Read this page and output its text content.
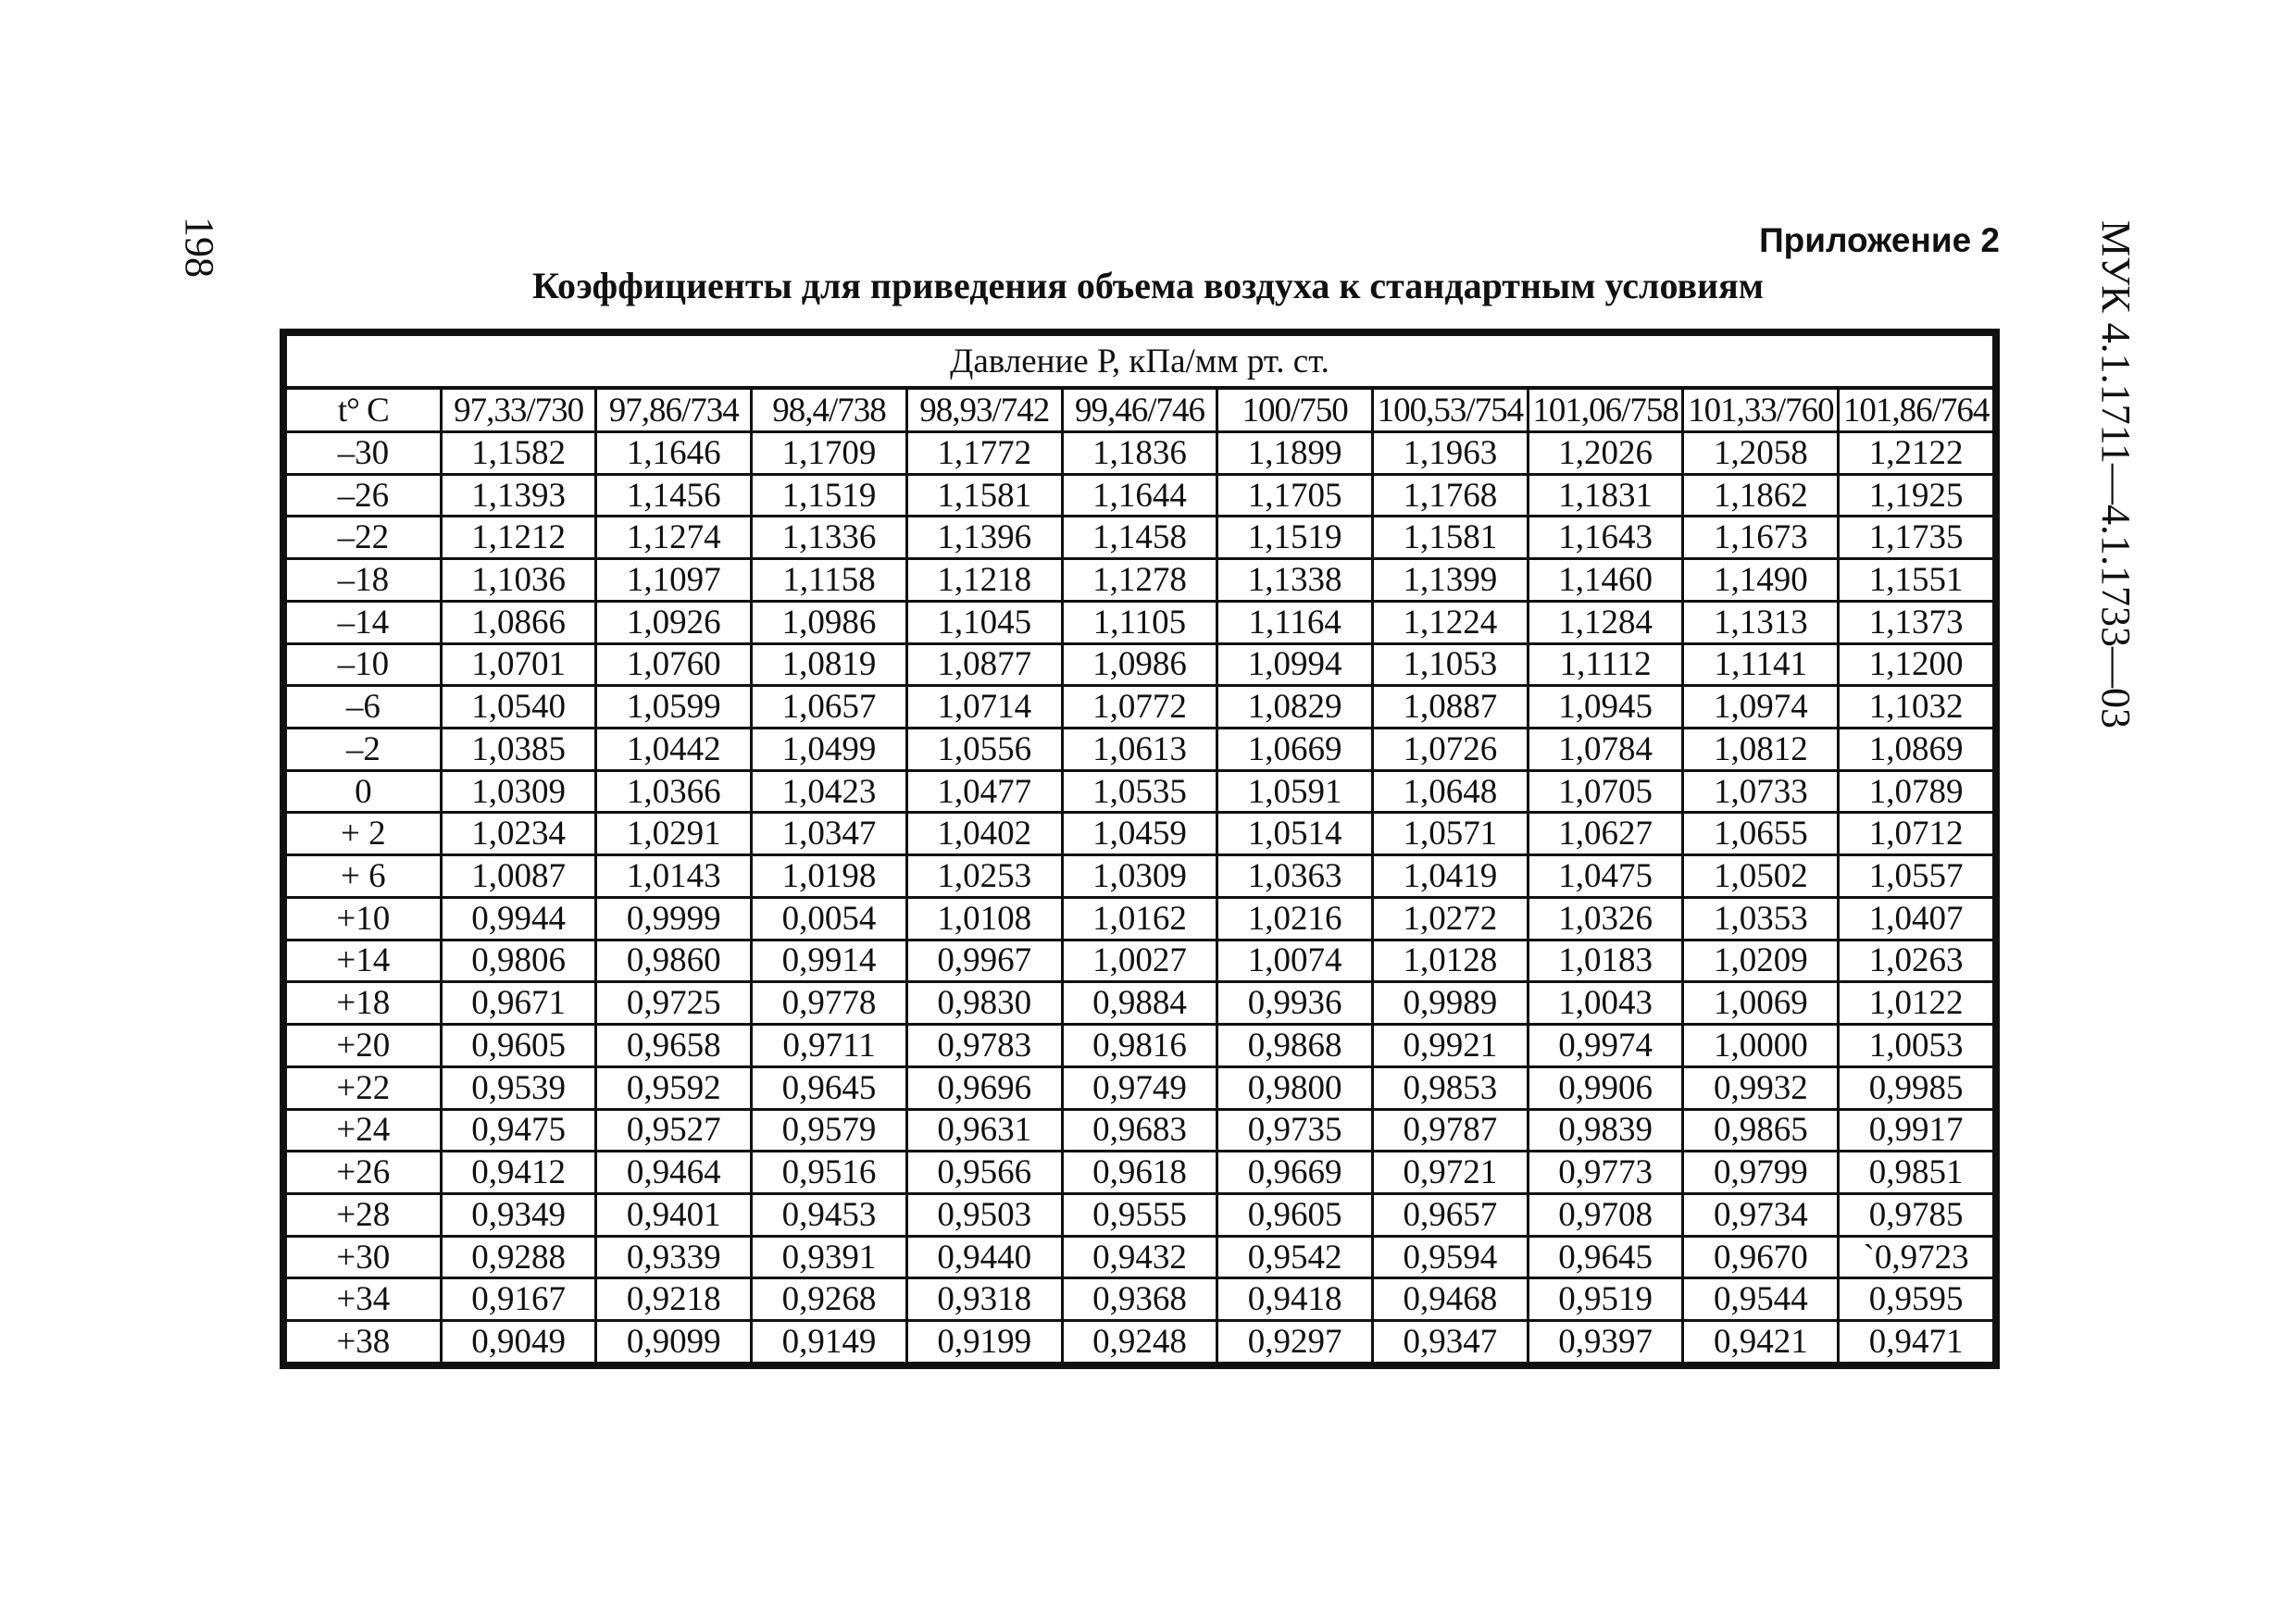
198	МУК 4.1.1711—4.1.1733—03
Приложение 2
Коэффициенты для приведения объема воздуха к стандартным условиям
Давление Р, кПа/мм рт. ст.										
t° С	97,33/730	97,86/734	98,4/738	98,93/742	99,46/746	100/750	100,53/754	101,06/758	101,33/760	101,86/764
–30	1,1582	1,1646	1,1709	1,1772	1,1836	1,1899	1,1963	1,2026	1,2058	1,2122
–26	1,1393	1,1456	1,1519	1,1581	1,1644	1,1705	1,1768	1,1831	1,1862	1,1925
–22	1,1212	1,1274	1,1336	1,1396	1,1458	1,1519	1,1581	1,1643	1,1673	1,1735
–18	1,1036	1,1097	1,1158	1,1218	1,1278	1,1338	1,1399	1,1460	1,1490	1,1551
–14	1,0866	1,0926	1,0986	1,1045	1,1105	1,1164	1,1224	1,1284	1,1313	1,1373
–10	1,0701	1,0760	1,0819	1,0877	1,0986	1,0994	1,1053	1,1112	1,1141	1,1200
–6	1,0540	1,0599	1,0657	1,0714	1,0772	1,0829	1,0887	1,0945	1,0974	1,1032
–2	1,0385	1,0442	1,0499	1,0556	1,0613	1,0669	1,0726	1,0784	1,0812	1,0869
0	1,0309	1,0366	1,0423	1,0477	1,0535	1,0591	1,0648	1,0705	1,0733	1,0789
+ 2	1,0234	1,0291	1,0347	1,0402	1,0459	1,0514	1,0571	1,0627	1,0655	1,0712
+ 6	1,0087	1,0143	1,0198	1,0253	1,0309	1,0363	1,0419	1,0475	1,0502	1,0557
+10	0,9944	0,9999	0,0054	1,0108	1,0162	1,0216	1,0272	1,0326	1,0353	1,0407
+14	0,9806	0,9860	0,9914	0,9967	1,0027	1,0074	1,0128	1,0183	1,0209	1,0263
+18	0,9671	0,9725	0,9778	0,9830	0,9884	0,9936	0,9989	1,0043	1,0069	1,0122
+20	0,9605	0,9658	0,9711	0,9783	0,9816	0,9868	0,9921	0,9974	1,0000	1,0053
+22	0,9539	0,9592	0,9645	0,9696	0,9749	0,9800	0,9853	0,9906	0,9932	0,9985
+24	0,9475	0,9527	0,9579	0,9631	0,9683	0,9735	0,9787	0,9839	0,9865	0,9917
+26	0,9412	0,9464	0,9516	0,9566	0,9618	0,9669	0,9721	0,9773	0,9799	0,9851
+28	0,9349	0,9401	0,9453	0,9503	0,9555	0,9605	0,9657	0,9708	0,9734	0,9785
+30	0,9288	0,9339	0,9391	0,9440	0,9432	0,9542	0,9594	0,9645	0,9670	`0,9723
+34	0,9167	0,9218	0,9268	0,9318	0,9368	0,9418	0,9468	0,9519	0,9544	0,9595
+38	0,9049	0,9099	0,9149	0,9199	0,9248	0,9297	0,9347	0,9397	0,9421	0,9471
